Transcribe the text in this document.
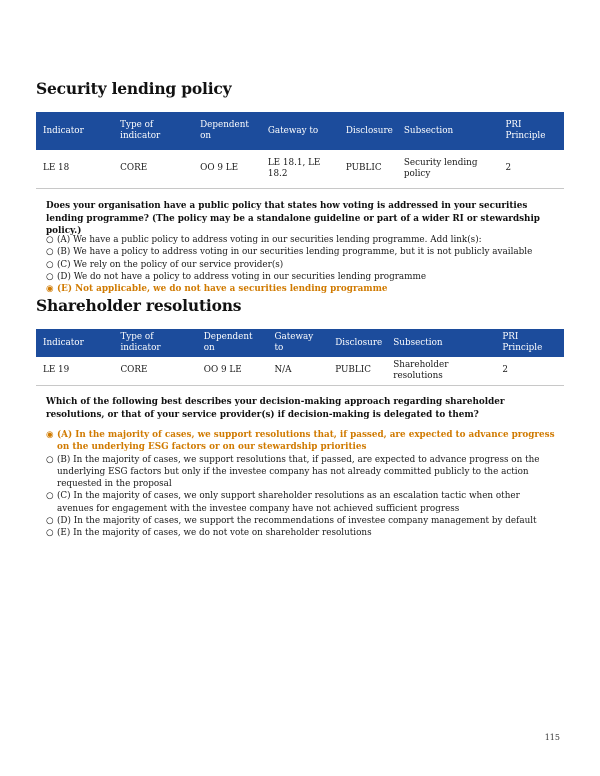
Security lending policy
Indicator	Type of indicator	Dependent on	Gateway to	Disclosure	Subsection	PRI Principle
LE 18	CORE	OO 9 LE	LE 18.1, LE 18.2	PUBLIC	Security lending policy	2
Does your organisation have a public policy that states how voting is addressed in your securities lending programme? (The policy may be a standalone guideline or part of a wider RI or stewardship policy.)
○ (A) We have a public policy to address voting in our securities lending programme. Add link(s):
○ (B) We have a policy to address voting in our securities lending programme, but it is not publicly available
○ (C) We rely on the policy of our service provider(s)
○ (D) We do not have a policy to address voting in our securities lending programme
◉ (E) Not applicable, we do not have a securities lending programme
Shareholder resolutions
Indicator	Type of indicator	Dependent on	Gateway to	Disclosure	Subsection	PRI Principle
LE 19	CORE	OO 9 LE	N/A	PUBLIC	Shareholder resolutions	2
Which of the following best describes your decision-making approach regarding shareholder resolutions, or that of your service provider(s) if decision-making is delegated to them?
◉ (A) In the majority of cases, we support resolutions that, if passed, are expected to advance progress on the underlying ESG factors or on our stewardship priorities
○ (B) In the majority of cases, we support resolutions that, if passed, are expected to advance progress on the underlying ESG factors but only if the investee company has not already committed publicly to the action requested in the proposal
○ (C) In the majority of cases, we only support shareholder resolutions as an escalation tactic when other avenues for engagement with the investee company have not achieved sufficient progress
○ (D) In the majority of cases, we support the recommendations of investee company management by default
○ (E) In the majority of cases, we do not vote on shareholder resolutions
115
